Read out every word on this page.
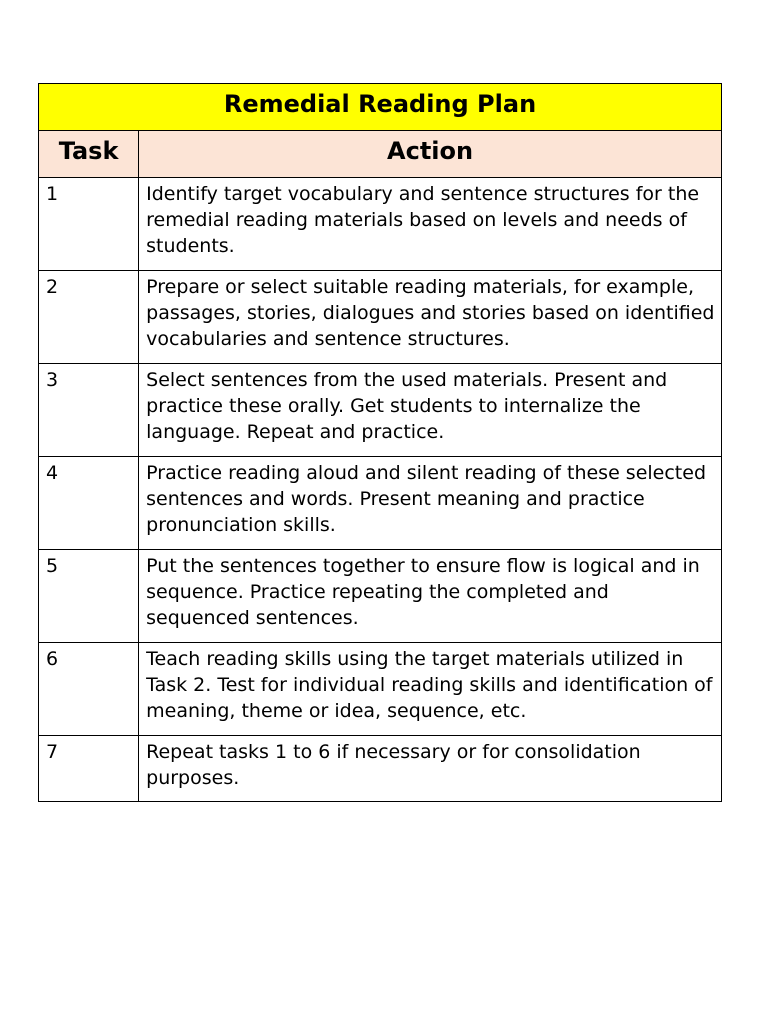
Remedial Reading Plan	
Task	Action
1	Identify target vocabulary and sentence structures for the remedial reading materials based on levels and needs of students.
2	Prepare or select suitable reading materials, for example, passages, stories, dialogues and stories based on identified vocabularies and sentence structures.
3	Select sentences from the used materials. Present and practice these orally. Get students to internalize the language. Repeat and practice.
4	Practice reading aloud and silent reading of these selected sentences and words. Present meaning and practice pronunciation skills.
5	Put the sentences together to ensure flow is logical and in sequence. Practice repeating the completed and sequenced sentences.
6	Teach reading skills using the target materials utilized in Task 2. Test for individual reading skills and identification of meaning, theme or idea, sequence, etc.
7	Repeat tasks 1 to 6 if necessary or for consolidation purposes.
